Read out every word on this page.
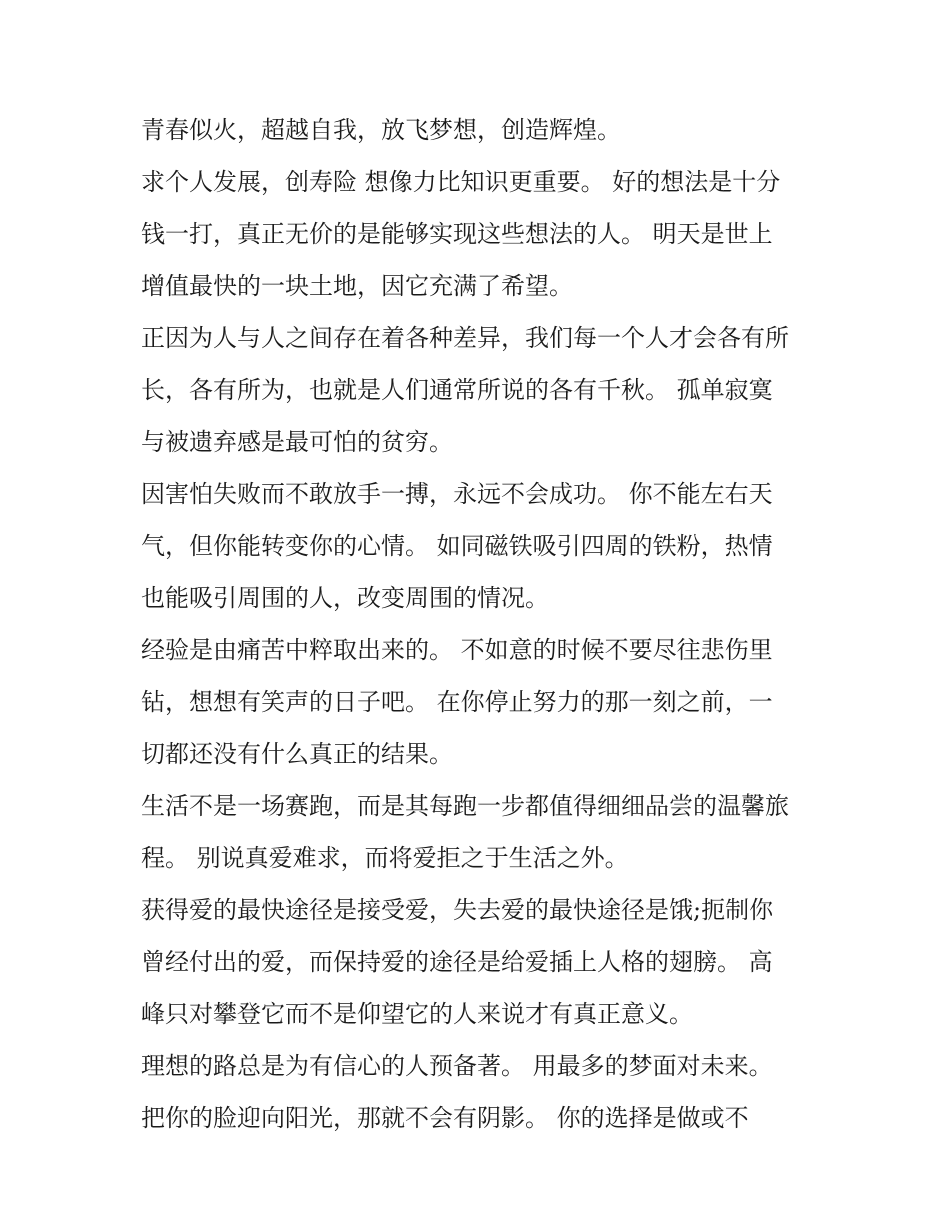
青春似火，超越自我，放飞梦想，创造辉煌。
求个人发展，创寿险 想像力比知识更重要。 好的想法是十分
钱一打，真正无价的是能够实现这些想法的人。 明天是世上
增值最快的一块土地，因它充满了希望。
正因为人与人之间存在着各种差异，我们每一个人才会各有所
长，各有所为，也就是人们通常所说的各有千秋。 孤单寂寞
与被遗弃感是最可怕的贫穷。
因害怕失败而不敢放手一搏，永远不会成功。 你不能左右天
气，但你能转变你的心情。 如同磁铁吸引四周的铁粉，热情
也能吸引周围的人，改变周围的情况。
经验是由痛苦中粹取出来的。 不如意的时候不要尽往悲伤里
钻，想想有笑声的日子吧。 在你停止努力的那一刻之前，一
切都还没有什么真正的结果。
生活不是一场赛跑，而是其每跑一步都值得细细品尝的温馨旅
程。 别说真爱难求，而将爱拒之于生活之外。
获得爱的最快途径是接受爱，失去爱的最快途径是饿;扼制你
曾经付出的爱，而保持爱的途径是给爱插上人格的翅膀。 高
峰只对攀登它而不是仰望它的人来说才有真正意义。
理想的路总是为有信心的人预备著。 用最多的梦面对未来。
把你的脸迎向阳光，那就不会有阴影。 你的选择是做或不
